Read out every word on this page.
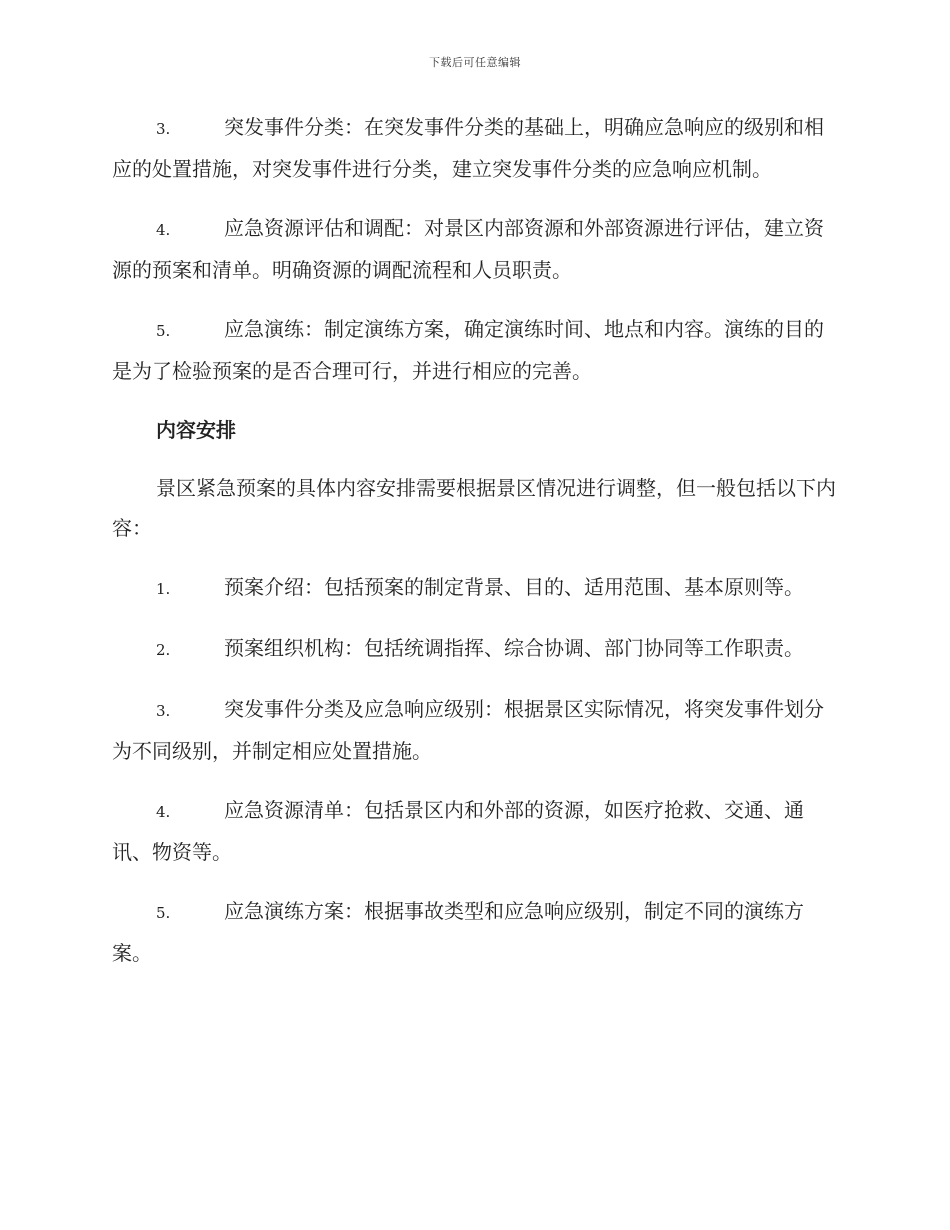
下载后可任意编辑

3.	突发事件分类：在突发事件分类的基础上，明确应急响应的级别和相应的处置措施，对突发事件进行分类，建立突发事件分类的应急响应机制。

4.	应急资源评估和调配：对景区内部资源和外部资源进行评估，建立资源的预案和清单。明确资源的调配流程和人员职责。

5.	应急演练：制定演练方案，确定演练时间、地点和内容。演练的目的是为了检验预案的是否合理可行，并进行相应的完善。

内容安排

景区紧急预案的具体内容安排需要根据景区情况进行调整，但一般包括以下内容：

1.	预案介绍：包括预案的制定背景、目的、适用范围、基本原则等。

2.	预案组织机构：包括统调指挥、综合协调、部门协同等工作职责。

3.	突发事件分类及应急响应级别：根据景区实际情况，将突发事件划分为不同级别，并制定相应处置措施。

4.	应急资源清单：包括景区内和外部的资源，如医疗抢救、交通、通讯、物资等。

5.	应急演练方案：根据事故类型和应急响应级别，制定不同的演练方案。
